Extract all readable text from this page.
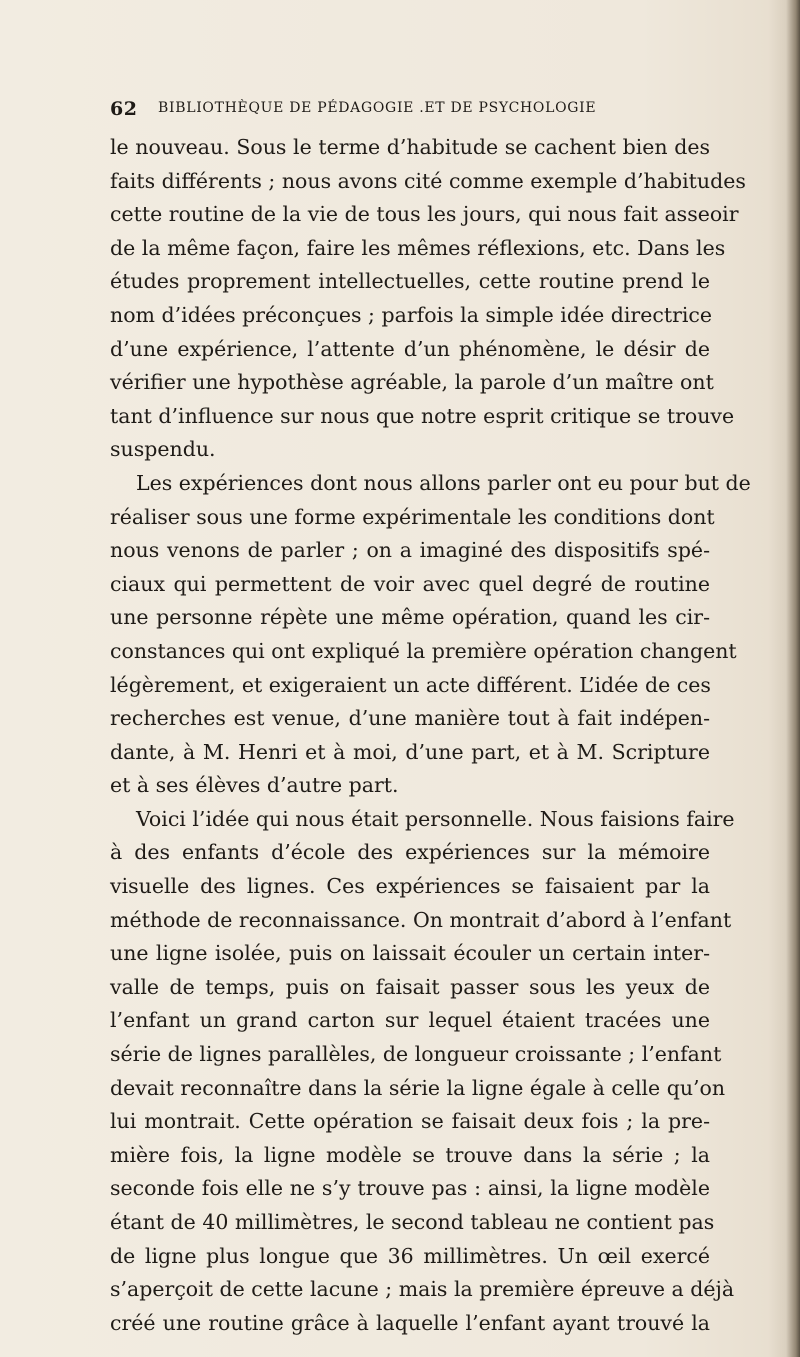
62 BIBLIOTHÈQUE DE PÉDAGOGIE .ET DE PSYCHOLOGIE
le nouveau. Sous le terme d’habitude se cachent bien des
faits différents ; nous avons cité comme exemple d’habitudes
cette routine de la vie de tous les jours, qui nous fait asseoir
de la même façon, faire les mêmes réflexions, etc. Dans les
études proprement intellectuelles, cette routine prend le
nom d’idées préconçues ; parfois la simple idée directrice
d’une expérience, l’attente d’un phénomène, le désir de
vérifier une hypothèse agréable, la parole d’un maître ont
tant d’influence sur nous que notre esprit critique se trouve
suspendu.
Les expériences dont nous allons parler ont eu pour but de
réaliser sous une forme expérimentale les conditions dont
nous venons de parler ; on a imaginé des dispositifs spé-
ciaux qui permettent de voir avec quel degré de routine
une personne répète une même opération, quand les cir-
constances qui ont expliqué la première opération changent
légèrement, et exigeraient un acte différent. L’idée de ces
recherches est venue, d’une manière tout à fait indépen-
dante, à M. Henri et à moi, d’une part, et à M. Scripture
et à ses élèves d’autre part.
Voici l’idée qui nous était personnelle. Nous faisions faire
à des enfants d’école des expériences sur la mémoire
visuelle des lignes. Ces expériences se faisaient par la
méthode de reconnaissance. On montrait d’abord à l’enfant
une ligne isolée, puis on laissait écouler un certain inter-
valle de temps, puis on faisait passer sous les yeux de
l’enfant un grand carton sur lequel étaient tracées une
série de lignes parallèles, de longueur croissante ; l’enfant
devait reconnaître dans la série la ligne égale à celle qu’on
lui montrait. Cette opération se faisait deux fois ; la pre-
mière fois, la ligne modèle se trouve dans la série ; la
seconde fois elle ne s’y trouve pas : ainsi, la ligne modèle
étant de 40 millimètres, le second tableau ne contient pas
de ligne plus longue que 36 millimètres. Un œil exercé
s’aperçoit de cette lacune ; mais la première épreuve a déjà
créé une routine grâce à laquelle l’enfant ayant trouvé la
